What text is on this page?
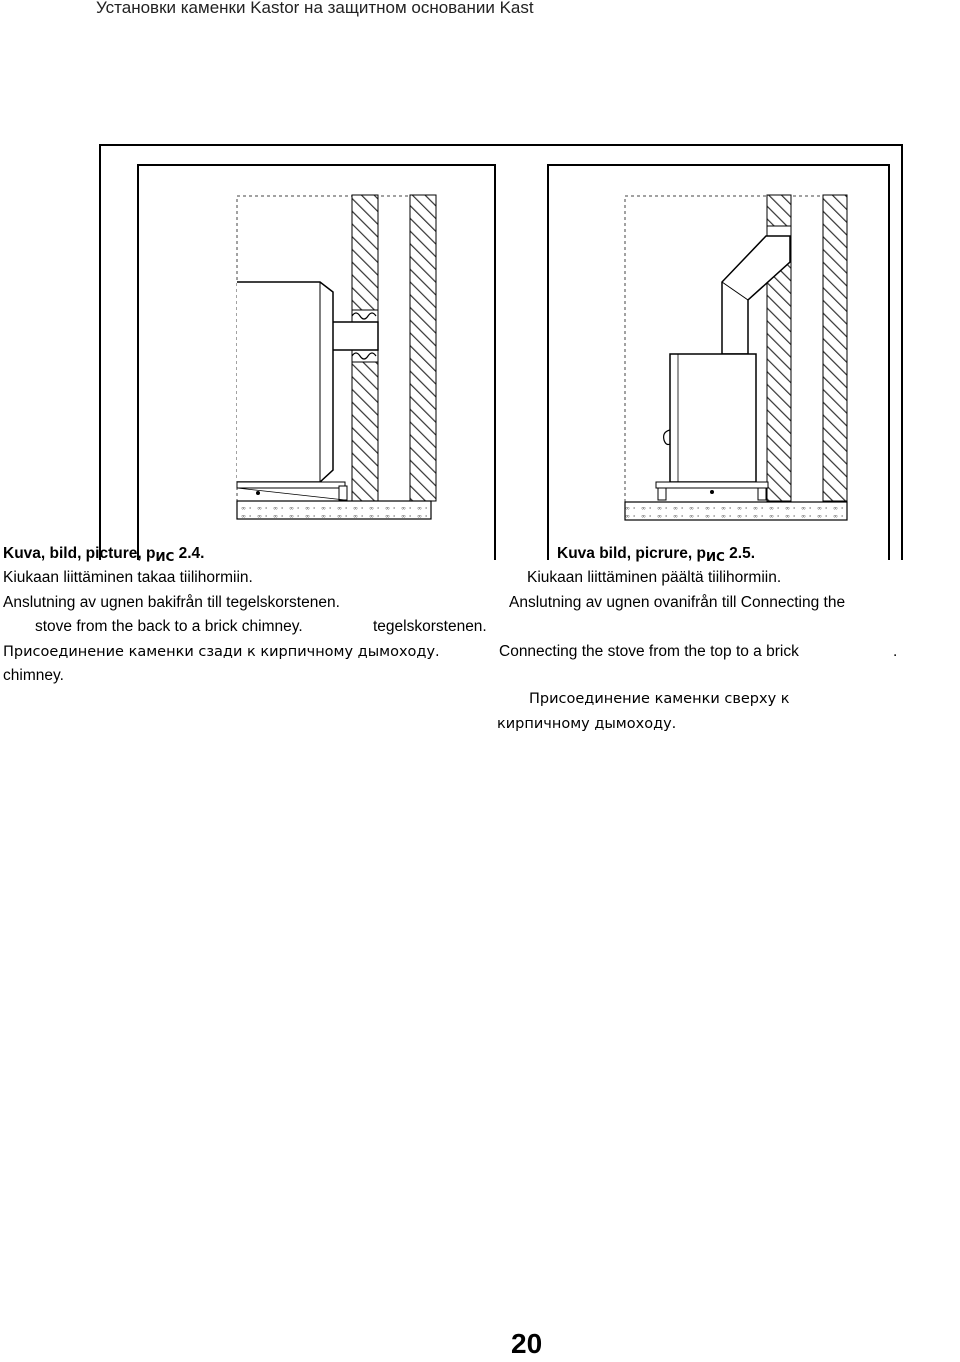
Установки каменки Kastor на защитном основании Kast
Kuva, bild, picture, рИС 2.4.
Kiukaan liittäminen takaa tiilihormiin.
Anslutning av ugnen bakifrån till tegelskorstenen.
stove from the back to a brick chimney.
Присоединение каменки сзади к кирпичному дымоходу.
Kuva bild, picrure, рИС 2.5.
Kiukaan liittäminen päältä tiilihormiin.
Anslutning av ugnen ovanifrån till Connecting the
tegelskorstenen.
Connecting the stove from the top to a brick	.
chimney.
Присоединение каменки сверху к
кирпичному дымоходу.
20
